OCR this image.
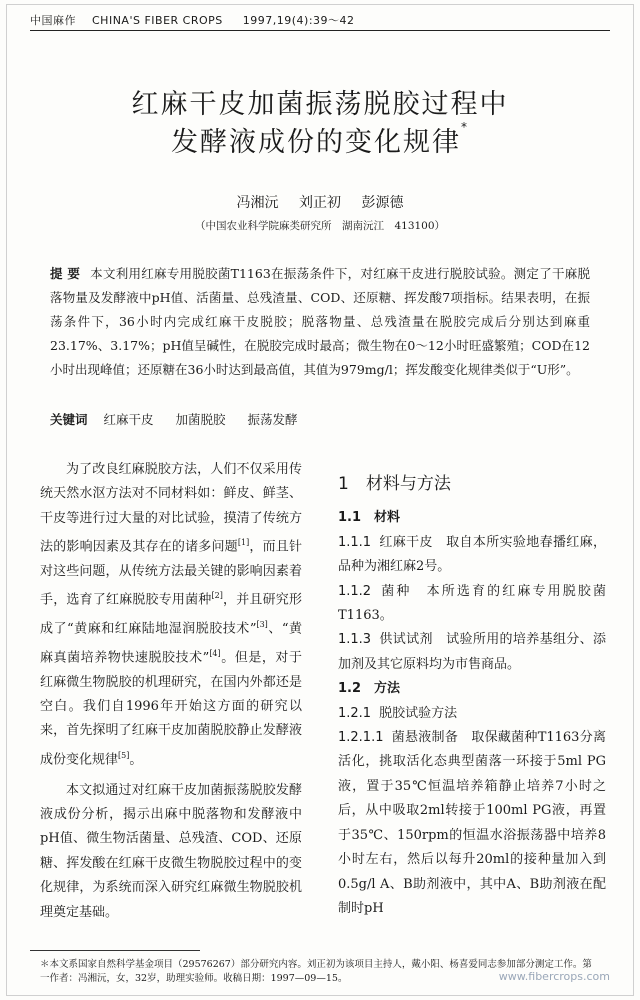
中国麻作 CHINA'S FIBER CROPS 1997,19(4):39～42
红麻干皮加菌振荡脱胶过程中
发酵液成份的变化规律*
冯湘沅 刘正初 彭源德
（中国农业科学院麻类研究所　湖南沅江　413100）
提 要 本文利用红麻专用脱胶菌T1163在振荡条件下，对红麻干皮进行脱胶试验。测定了干麻脱落物量及发酵液中pH值、活菌量、总残渣量、COD、还原糖、挥发酸7项指标。结果表明，在振荡条件下，36小时内完成红麻干皮脱胶；脱落物量、总残渣量在脱胶完成后分别达到麻重23.17%、3.17%；pH值呈碱性，在脱胶完成时最高；微生物在0～12小时旺盛繁殖；COD在12小时出现峰值；还原糖在36小时达到最高值，其值为979mg/l；挥发酸变化规律类似于“U形”。
关键词 红麻干皮 加菌脱胶 振荡发酵

为了改良红麻脱胶方法，人们不仅采用传统天然水沤方法对不同材料如：鲜皮、鲜茎、干皮等进行过大量的对比试验，摸清了传统方法的影响因素及其存在的诸多问题[1]，而且针对这些问题，从传统方法最关键的影响因素着手，选育了红麻脱胶专用菌种[2]，并且研究形成了“黄麻和红麻陆地湿润脱胶技术”[3]、“黄麻真菌培养物快速脱胶技术”[4]。但是，对于红麻微生物脱胶的机理研究，在国内外都还是空白。我们自1996年开始这方面的研究以来，首先探明了红麻干皮加菌脱胶静止发酵液成份变化规律[5]。

本文拟通过对红麻干皮加菌振荡脱胶发酵液成份分析，揭示出麻中脱落物和发酵液中pH值、微生物活菌量、总残渣、COD、还原糖、挥发酸在红麻干皮微生物脱胶过程中的变化规律，为系统而深入研究红麻微生物脱胶机理奠定基础。

1　材料与方法
1.1　材料
1.1.1 红麻干皮　取自本所实验地春播红麻，品种为湘红麻2号。
1.1.2 菌种　本所选育的红麻专用脱胶菌T1163。
1.1.3 供试试剂　试验所用的培养基组分、添加剂及其它原料均为市售商品。
1.2　方法
1.2.1 脱胶试验方法
1.2.1.1 菌悬液制备　取保藏菌种T1163分离活化，挑取活化态典型菌落一环接于5ml PG液，置于35℃恒温培养箱静止培养7小时之后，从中吸取2ml转接于100ml PG液，再置于35℃、150rpm的恒温水浴振荡器中培养8小时左右，然后以每升20ml的接种量加入到0.5g/l A、B助剂液中，其中A、B助剂液在配制时pH
＊本文系国家自然科学基金项目（29576267）部分研究内容。刘正初为该项目主持人，戴小阳、杨喜爱同志参加部分测定工作。第一作者：冯湘沅，女，32岁，助理实验师。收稿日期：1997—09—15。	www.fibercrops.com
